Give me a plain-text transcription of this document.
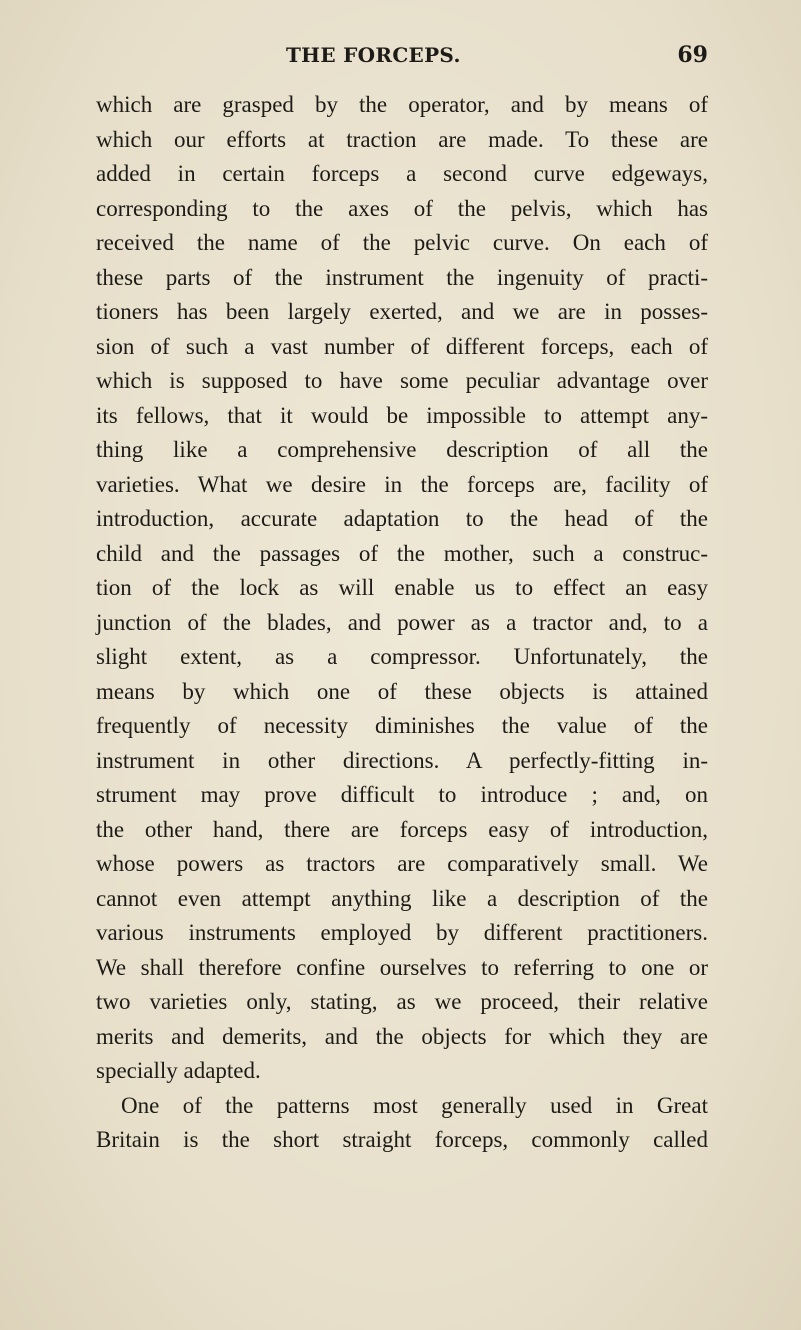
THE FORCEPS.	69
which are grasped by the operator, and by means of
which our efforts at traction are made. To these are
added in certain forceps a second curve edgeways,
corresponding to the axes of the pelvis, which has
received the name of the pelvic curve. On each of
these parts of the instrument the ingenuity of practi-
tioners has been largely exerted, and we are in posses-
sion of such a vast number of different forceps, each of
which is supposed to have some peculiar advantage over
its fellows, that it would be impossible to attempt any-
thing like a comprehensive description of all the
varieties. What we desire in the forceps are, facility of
introduction, accurate adaptation to the head of the
child and the passages of the mother, such a construc-
tion of the lock as will enable us to effect an easy
junction of the blades, and power as a tractor and, to a
slight extent, as a compressor. Unfortunately, the
means by which one of these objects is attained
frequently of necessity diminishes the value of the
instrument in other directions. A perfectly-fitting in-
strument may prove difficult to introduce ; and, on
the other hand, there are forceps easy of introduction,
whose powers as tractors are comparatively small. We
cannot even attempt anything like a description of the
various instruments employed by different practitioners.
We shall therefore confine ourselves to referring to one or
two varieties only, stating, as we proceed, their relative
merits and demerits, and the objects for which they are
specially adapted.
One of the patterns most generally used in Great
Britain is the short straight forceps, commonly called
